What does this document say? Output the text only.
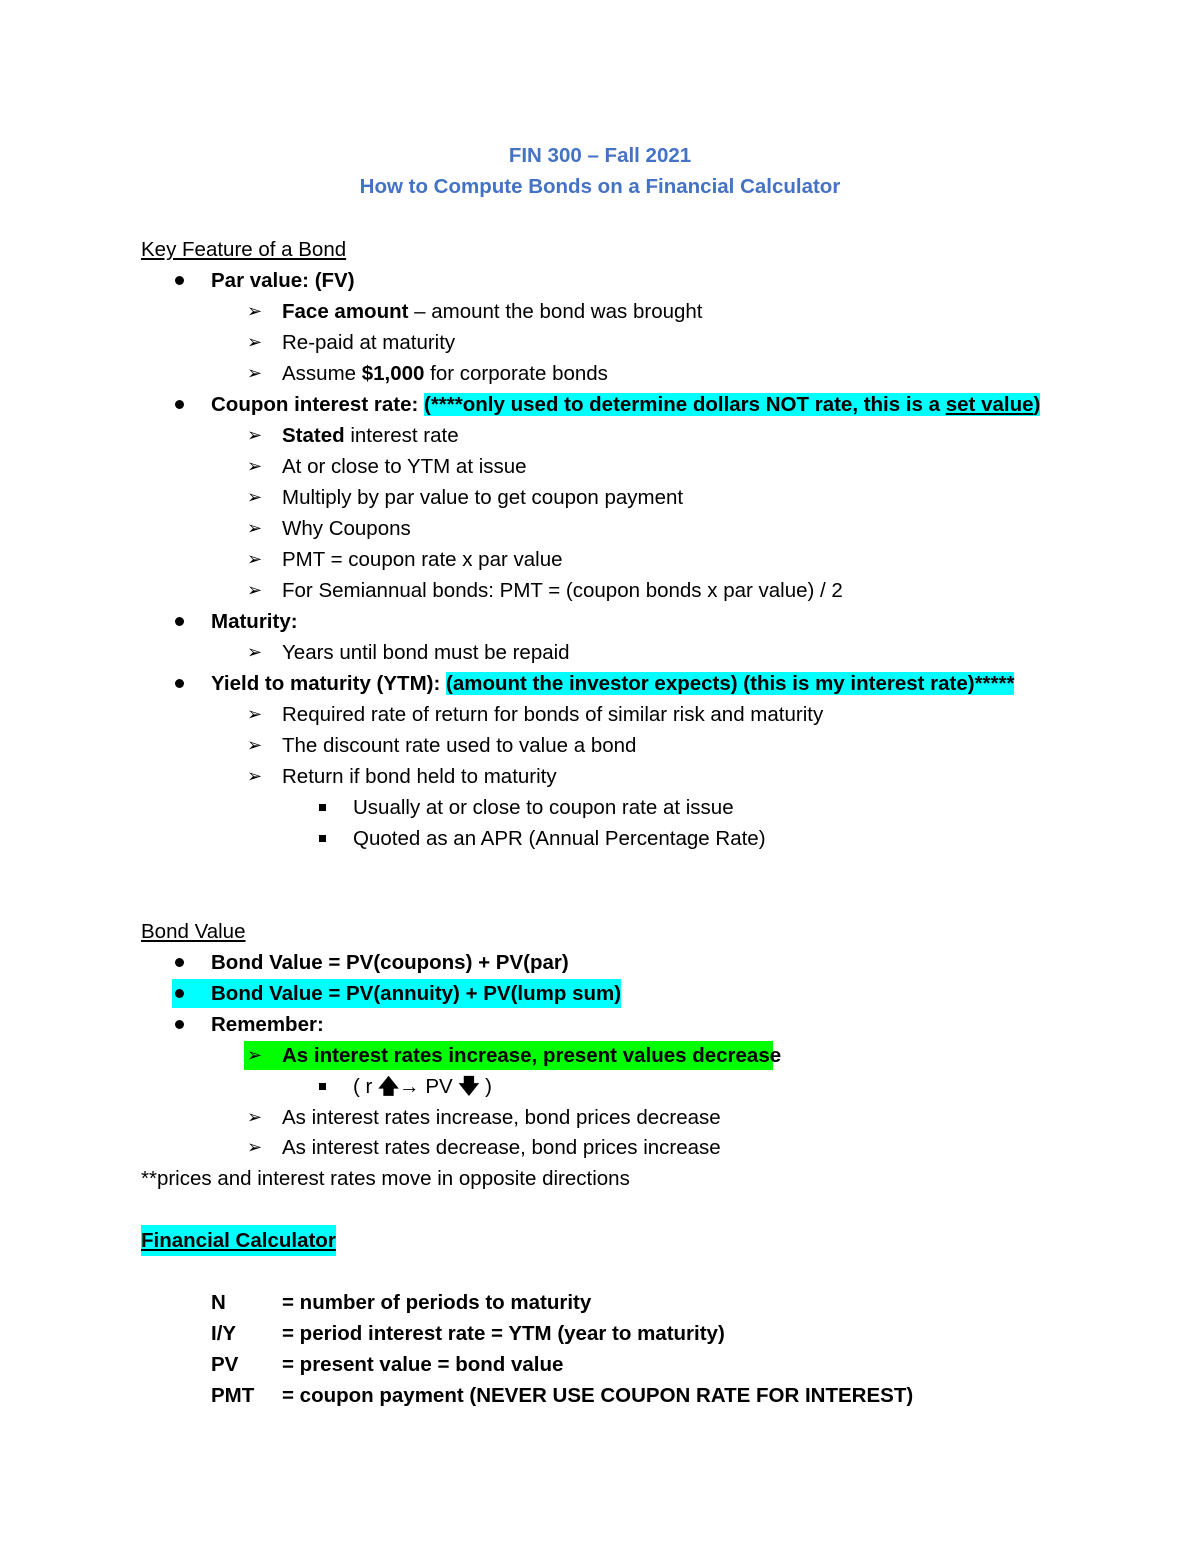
FIN 300 – Fall 2021
How to Compute Bonds on a Financial Calculator
Key Feature of a Bond
Par value: (FV)
➢ Face amount – amount the bond was brought
➢ Re-paid at maturity
➢ Assume $1,000 for corporate bonds
Coupon interest rate: (****only used to determine dollars NOT rate, this is a set value)
➢ Stated interest rate
➢ At or close to YTM at issue
➢ Multiply by par value to get coupon payment
➢ Why Coupons
➢ PMT = coupon rate x par value
➢ For Semiannual bonds: PMT = (coupon bonds x par value) / 2
Maturity:
➢ Years until bond must be repaid
Yield to maturity (YTM): (amount the investor expects) (this is my interest rate)*****
➢ Required rate of return for bonds of similar risk and maturity
➢ The discount rate used to value a bond
➢ Return if bond held to maturity
Usually at or close to coupon rate at issue
Quoted as an APR (Annual Percentage Rate)
Bond Value
Bond Value = PV(coupons) + PV(par)
Bond Value = PV(annuity) + PV(lump sum)
Remember:
➢ As interest rates increase, present values decrease
( r 🡅→ PV 🡇 )
➢ As interest rates increase, bond prices decrease
➢ As interest rates decrease, bond prices increase
**prices and interest rates move in opposite directions
Financial Calculator
N	= number of periods to maturity
I/Y = period interest rate = YTM (year to maturity)
PV = present value = bond value
PMT = coupon payment (NEVER USE COUPON RATE FOR INTEREST)
